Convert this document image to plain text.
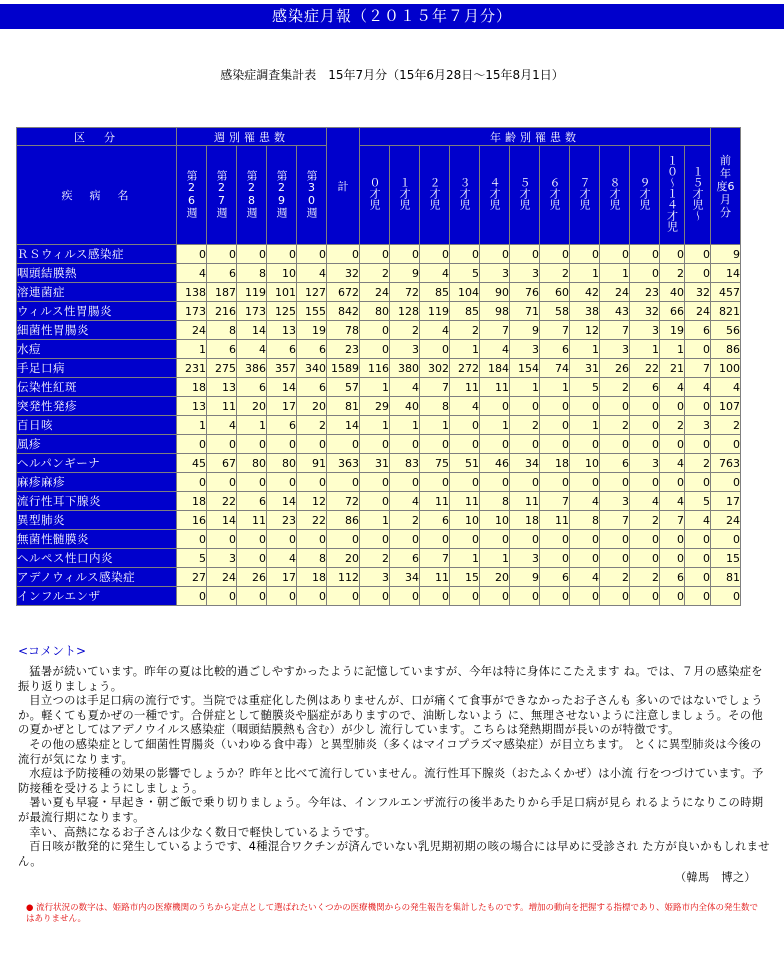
感染症月報（２０１５年７月分）
感染症調査集計表　15年7月分（15年6月28日～15年8月1日）
区　分	週別罹患数					計	年齢別罹患数												前年度6月分

疾　病　名	第26週	第27週	第28週	第29週	第30週		０才児	１才児	２才児	３才児	４才児	５才児	６才児	７才児	８才児	９才児	１０〜１４才児	１５才児〜	
ＲＳウィルス感染症	0	0	0	0	0	0	0	0	0	0	0	0	0	0	0	0	0	0	9
咽頭結膜熱	4	6	8	10	4	32	2	9	4	5	3	3	2	1	1	0	2	0	14
溶連菌症	138	187	119	101	127	672	24	72	85	104	90	76	60	42	24	23	40	32	457
ウィルス性胃腸炎	173	216	173	125	155	842	80	128	119	85	98	71	58	38	43	32	66	24	821
細菌性胃腸炎	24	8	14	13	19	78	0	2	4	2	7	9	7	12	7	3	19	6	56
水痘	1	6	4	6	6	23	0	3	0	1	4	3	6	1	3	1	1	0	86
手足口病	231	275	386	357	340	1589	116	380	302	272	184	154	74	31	26	22	21	7	100
伝染性紅斑	18	13	6	14	6	57	1	4	7	11	11	1	1	5	2	6	4	4	4
突発性発疹	13	11	20	17	20	81	29	40	8	4	0	0	0	0	0	0	0	0	107
百日咳	1	4	1	6	2	14	1	1	1	0	1	2	0	1	2	0	2	3	2
風疹	0	0	0	0	0	0	0	0	0	0	0	0	0	0	0	0	0	0	0
ヘルパンギーナ	45	67	80	80	91	363	31	83	75	51	46	34	18	10	6	3	4	2	763
麻疹麻疹	0	0	0	0	0	0	0	0	0	0	0	0	0	0	0	0	0	0	0
流行性耳下腺炎	18	22	6	14	12	72	0	4	11	11	8	11	7	4	3	4	4	5	17
異型肺炎	16	14	11	23	22	86	1	2	6	10	10	18	11	8	7	2	7	4	24
無菌性髄膜炎	0	0	0	0	0	0	0	0	0	0	0	0	0	0	0	0	0	0	0
ヘルペス性口内炎	5	3	0	4	8	20	2	6	7	1	1	3	0	0	0	0	0	0	15
アデノウィルス感染症	27	24	26	17	18	112	3	34	11	15	20	9	6	4	2	2	6	0	81
インフルエンザ	0	0	0	0	0	0	0	0	0	0	0	0	0	0	0	0	0	0	0
<コメント>

猛暑が続いています。昨年の夏は比較的過ごしやすかったように記憶していますが、今年は特に身体にこたえます ね。では、７月の感染症を振り返りましょう。

目立つのは手足口病の流行です。当院では重症化した例はありませんが、口が痛くて食事ができなかったお子さんも 多いのではないでしょうか。軽くても夏かぜの一種です。合併症として髄膜炎や脳症がありますので、油断しないよう に、無理させないように注意しましょう。その他の夏かぜとしてはアデノウイルス感染症（咽頭結膜熱も含む）が少し 流行しています。こちらは発熱期間が長いのが特徴です。

その他の感染症として細菌性胃腸炎（いわゆる食中毒）と異型肺炎（多くはマイコプラズマ感染症）が目立ちます。 とくに異型肺炎は今後の流行が気になります。

水痘は予防接種の効果の影響でしょうか？昨年と比べて流行していません。流行性耳下腺炎（おたふくかぜ）は小流 行をつづけています。予防接種を受けるようにしましょう。

暑い夏も早寝・早起き・朝ご飯で乗り切りましょう。今年は、インフルエンザ流行の後半あたりから手足口病が見ら れるようになりこの時期が最流行期になります。

幸い、高熱になるお子さんは少なく数日で軽快しているようです。

百日咳が散発的に発生しているようです、4種混合ワクチンが済んでいない乳児期初期の咳の場合には早めに受診され た方が良いかもしれません。

（韓馬　博之）

● 流行状況の数字は、姫路市内の医療機関のうちから定点として選ばれたいくつかの医療機関からの発生報告を集計したものです。増加の動向を把握する指標であり、姫路市内全体の発生数ではありません。
